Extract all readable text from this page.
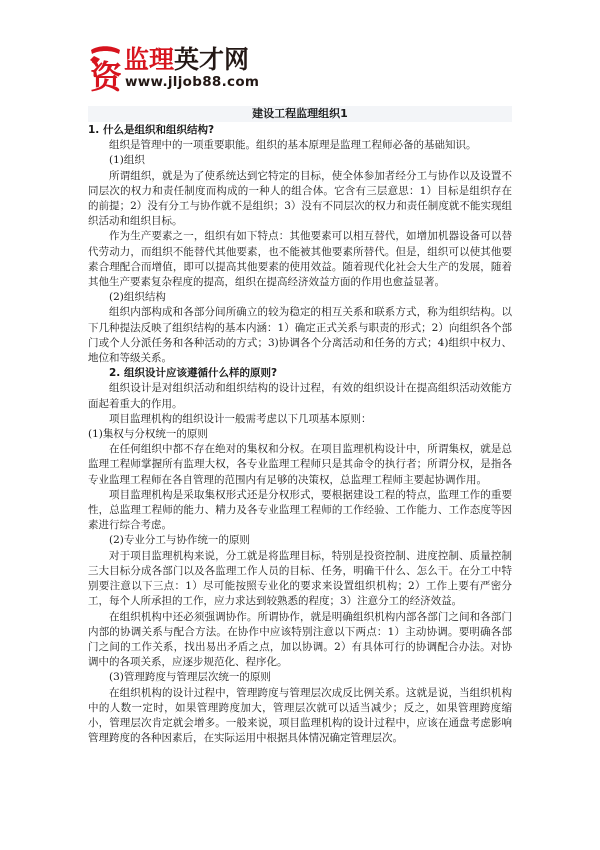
资 监理英才网
www.jljob88.com
建设工程监理组织1

1. 什么是组织和组织结构?

组织是管理中的一项重要职能。组织的基本原理是监理工程师必备的基础知识。

(1)组织

所谓组织，就是为了使系统达到它特定的目标，使全体参加者经分工与协作以及设置不同层次的权力和责任制度而构成的一种人的组合体。它含有三层意思：1）目标是组织存在的前提；2）没有分工与协作就不是组织；3）没有不同层次的权力和责任制度就不能实现组织活动和组织目标。

作为生产要素之一，组织有如下特点：其他要素可以相互替代，如增加机器设备可以替代劳动力，而组织不能替代其他要素，也不能被其他要素所替代。但是，组织可以使其他要素合理配合而增值，即可以提高其他要素的使用效益。随着现代化社会大生产的发展，随着其他生产要素复杂程度的提高，组织在提高经济效益方面的作用也愈益显著。

(2)组织结构

组织内部构成和各部分间所确立的较为稳定的相互关系和联系方式，称为组织结构。以下几种提法反映了组织结构的基本内涵：1）确定正式关系与职责的形式；2）向组织各个部门或个人分派任务和各种活动的方式；3)协调各个分离活动和任务的方式；4)组织中权力、地位和等级关系。

2. 组织设计应该遵循什么样的原则?

组织设计是对组织活动和组织结构的设计过程，有效的组织设计在提高组织活动效能方面起着重大的作用。

项目监理机构的组织设计一般需考虑以下几项基本原则：

(1)集权与分权统一的原则

在任何组织中都不存在绝对的集权和分权。在项目监理机构设计中，所谓集权，就是总监理工程师掌握所有监理大权，各专业监理工程师只是其命令的执行者；所谓分权，是指各专业监理工程师在各自管理的范围内有足够的决策权，总监理工程师主要起协调作用。

项目监理机构是采取集权形式还是分权形式，要根据建设工程的特点，监理工作的重要性，总监理工程师的能力、精力及各专业监理工程师的工作经验、工作能力、工作态度等因素进行综合考虑。

(2)专业分工与协作统一的原则

对于项目监理机构来说，分工就是将监理目标，特别是投资控制、进度控制、质量控制三大目标分成各部门以及各监理工作人员的目标、任务，明确干什么、怎么干。在分工中特别要注意以下三点：1）尽可能按照专业化的要求来设置组织机构；2）工作上要有严密分工，每个人所承担的工作，应力求达到较熟悉的程度；3）注意分工的经济效益。

在组织机构中还必须强调协作。所谓协作，就是明确组织机构内部各部门之间和各部门内部的协调关系与配合方法。在协作中应该特别注意以下两点：1）主动协调。要明确各部门之间的工作关系，找出易出矛盾之点，加以协调。2）有具体可行的协调配合办法。对协调中的各项关系，应逐步规范化、程序化。

(3)管理跨度与管理层次统一的原则

在组织机构的设计过程中，管理跨度与管理层次成反比例关系。这就是说，当组织机构中的人数一定时，如果管理跨度加大，管理层次就可以适当减少；反之，如果管理跨度缩小，管理层次肯定就会增多。一般来说，项目监理机构的设计过程中，应该在通盘考虑影响管理跨度的各种因素后，在实际运用中根据具体情况确定管理层次。
